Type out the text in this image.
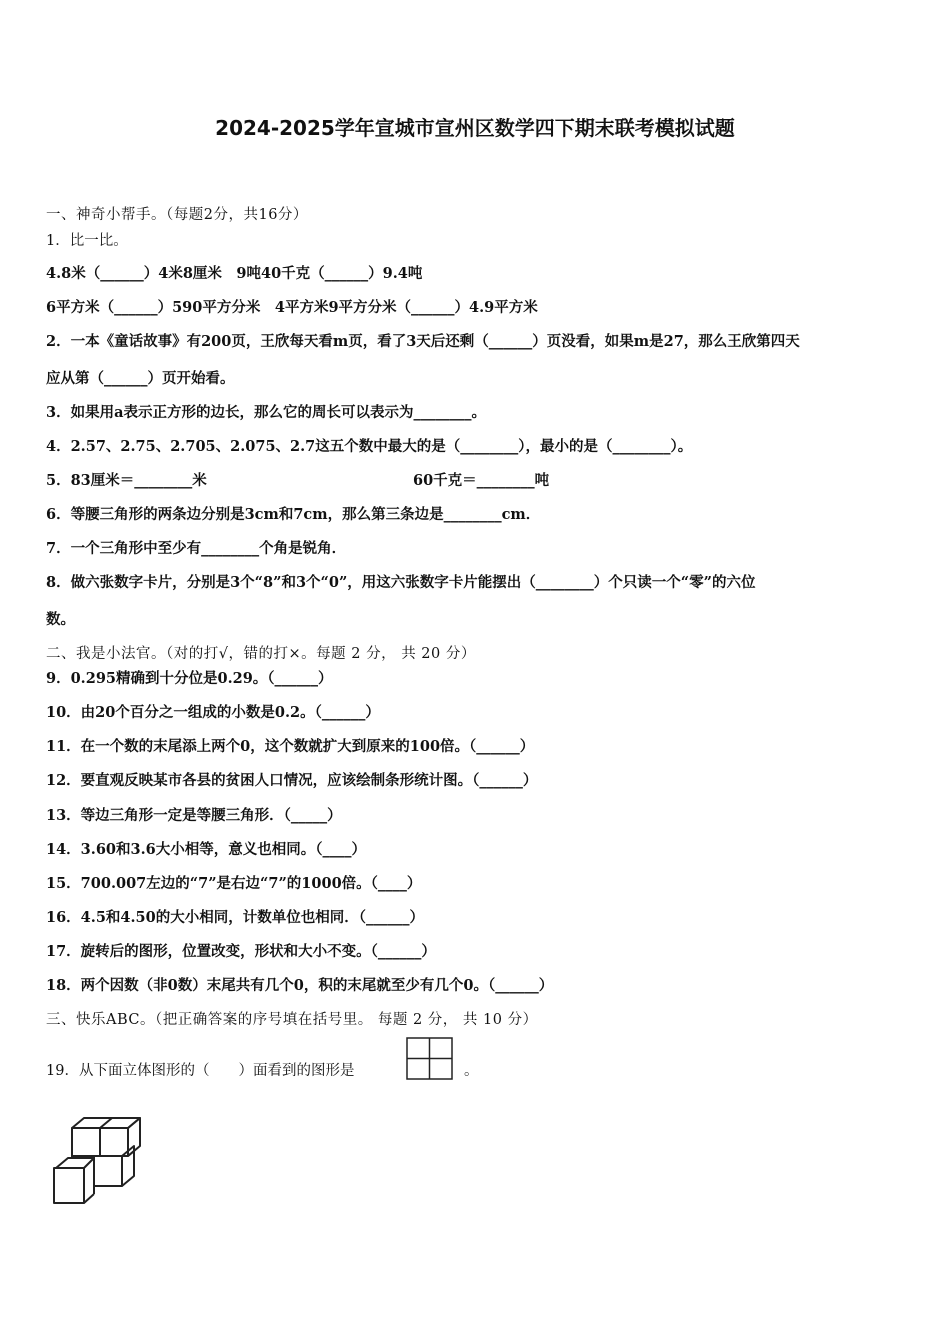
2024-2025学年宣城市宣州区数学四下期末联考模拟试题
一、神奇小帮手。（每题2分，共16分）
1．比一比。
4.8米（______）4米8厘米　9吨40千克（______）9.4吨
6平方米（______）590平方分米　4平方米9平方分米（______）4.9平方米
2．一本《童话故事》有200页，王欣每天看m页，看了3天后还剩（______）页没看，如果m是27，那么王欣第四天
应从第（______）页开始看。
3．如果用a表示正方形的边长，那么它的周长可以表示为________。
4．2.57、2.75、2.705、2.075、2.7这五个数中最大的是（________），最小的是（________）。
5．83厘米＝________米	60千克＝________吨
6．等腰三角形的两条边分别是3cm和7cm，那么第三条边是________cm．
7．一个三角形中至少有________个角是锐角．
8．做六张数字卡片，分别是3个“8”和3个“0”，用这六张数字卡片能摆出（________）个只读一个“零”的六位
数。
二、我是小法官。（对的打√，错的打×。每题 2 分， 共 20 分）
9．0.295精确到十分位是0.29。（______）
10．由20个百分之一组成的小数是0.2。（______）
11．在一个数的末尾添上两个0，这个数就扩大到原来的100倍。（______）
12．要直观反映某市各县的贫困人口情况，应该绘制条形统计图。（______）
13．等边三角形一定是等腰三角形．（_____）
14．3.60和3.6大小相等，意义也相同。（____）
15．700.007左边的“7”是右边“7”的1000倍。（____）
16．4.5和4.50的大小相同，计数单位也相同．（______）
17．旋转后的图形，位置改变，形状和大小不变。（______）
18．两个因数（非0数）末尾共有几个0，积的末尾就至少有几个0。（______）
三、快乐ABC。（把正确答案的序号填在括号里。 每题 2 分， 共 10 分）
19．从下面立体图形的（　　）面看到的图形是	。
